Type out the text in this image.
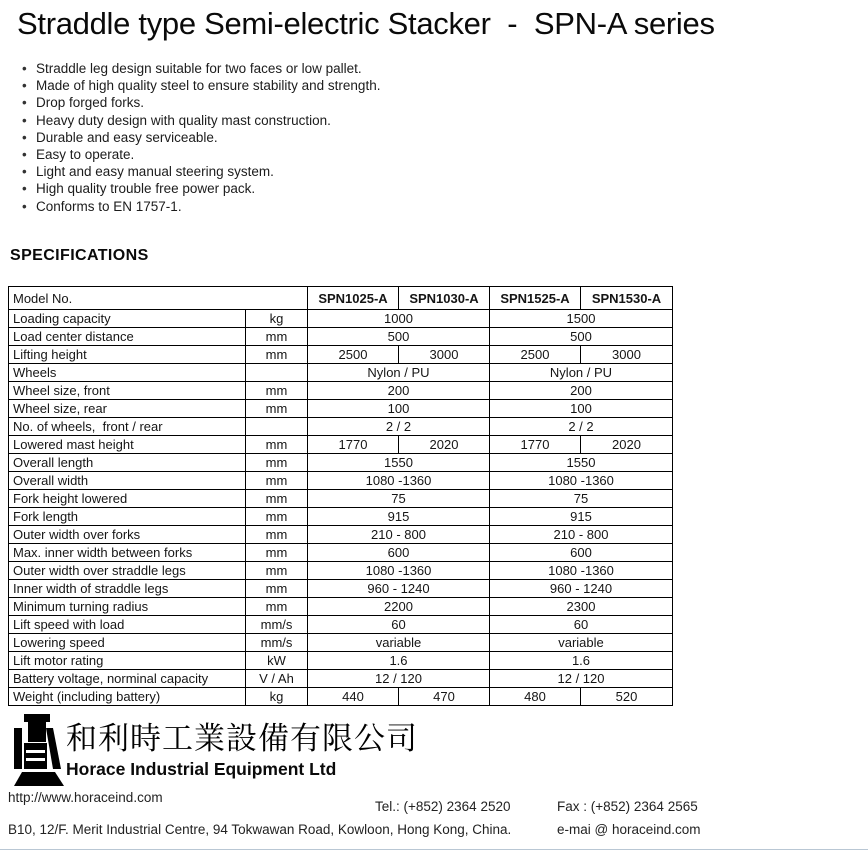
Straddle type Semi-electric Stacker  -  SPN-A series
• Straddle leg design suitable for two faces or low pallet.
• Made of high quality steel to ensure stability and strength.
• Drop forged forks.
• Heavy duty design with quality mast construction.
• Durable and easy serviceable.
• Easy to operate.
• Light and easy manual steering system.
• High quality trouble free power pack.
• Conforms to EN 1757-1.
SPECIFICATIONS
Model No.		SPN1025-A	SPN1030-A	SPN1525-A	SPN1530-A
Loading capacity	kg	1000		1500	
Load center distance	mm	500		500	
Lifting height	mm	2500	3000	2500	3000
Wheels		Nylon / PU		Nylon / PU	
Wheel size, front	mm	200		200	
Wheel size, rear	mm	100		100	
No. of wheels,  front / rear		2 / 2		2 / 2	
Lowered mast height	mm	1770	2020	1770	2020
Overall length	mm	1550		1550	
Overall width	mm	1080 -1360		1080 -1360	
Fork height lowered	mm	75		75	
Fork length	mm	915		915	
Outer width over forks	mm	210 - 800		210 - 800	
Max. inner width between forks	mm	600		600	
Outer width over straddle legs	mm	1080 -1360		1080 -1360	
Inner width of straddle legs	mm	960 - 1240		960 - 1240	
Minimum turning radius	mm	2200		2300	
Lift speed with load	mm/s	60		60	
Lowering speed	mm/s	variable		variable	
Lift motor rating	kW	1.6		1.6	
Battery voltage, norminal capacity	V / Ah	12 / 120		12 / 120	
Weight (including battery)	kg	440	470	480	520
和利時工業設備有限公司
Horace Industrial Equipment Ltd
http://www.horaceind.com
Tel.: (+852) 2364 2520	Fax : (+852) 2364 2565
B10, 12/F. Merit Industrial Centre, 94 Tokwawan Road, Kowloon, Hong Kong, China.	e-mai @ horaceind.com
